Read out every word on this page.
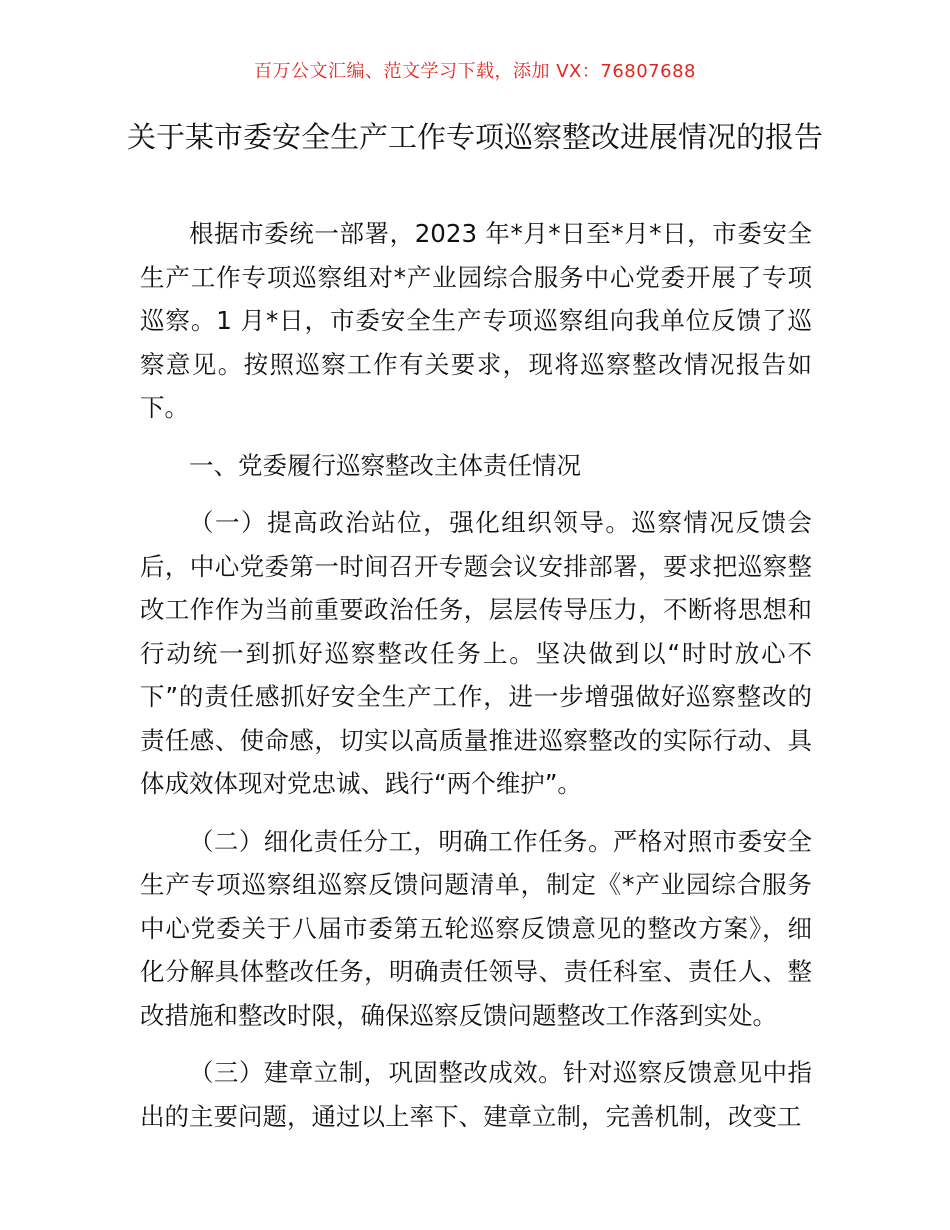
百万公文汇编、范文学习下载，添加 VX：76807688
关于某市委安全生产工作专项巡察整改进展情况的报告

根据市委统一部署，2023 年*月*日至*月*日，市委安全生产工作专项巡察组对*产业园综合服务中心党委开展了专项巡察。1 月*日，市委安全生产专项巡察组向我单位反馈了巡察意见。按照巡察工作有关要求，现将巡察整改情况报告如下。

一、党委履行巡察整改主体责任情况

（一）提高政治站位，强化组织领导。巡察情况反馈会后，中心党委第一时间召开专题会议安排部署，要求把巡察整改工作作为当前重要政治任务，层层传导压力，不断将思想和行动统一到抓好巡察整改任务上。坚决做到以“时时放心不下”的责任感抓好安全生产工作，进一步增强做好巡察整改的责任感、使命感，切实以高质量推进巡察整改的实际行动、具体成效体现对党忠诚、践行“两个维护”。

（二）细化责任分工，明确工作任务。严格对照市委安全生产专项巡察组巡察反馈问题清单，制定《*产业园综合服务中心党委关于八届市委第五轮巡察反馈意见的整改方案》，细化分解具体整改任务，明确责任领导、责任科室、责任人、整改措施和整改时限，确保巡察反馈问题整改工作落到实处。

（三）建章立制，巩固整改成效。针对巡察反馈意见中指出的主要问题，通过以上率下、建章立制，完善机制，改变工
